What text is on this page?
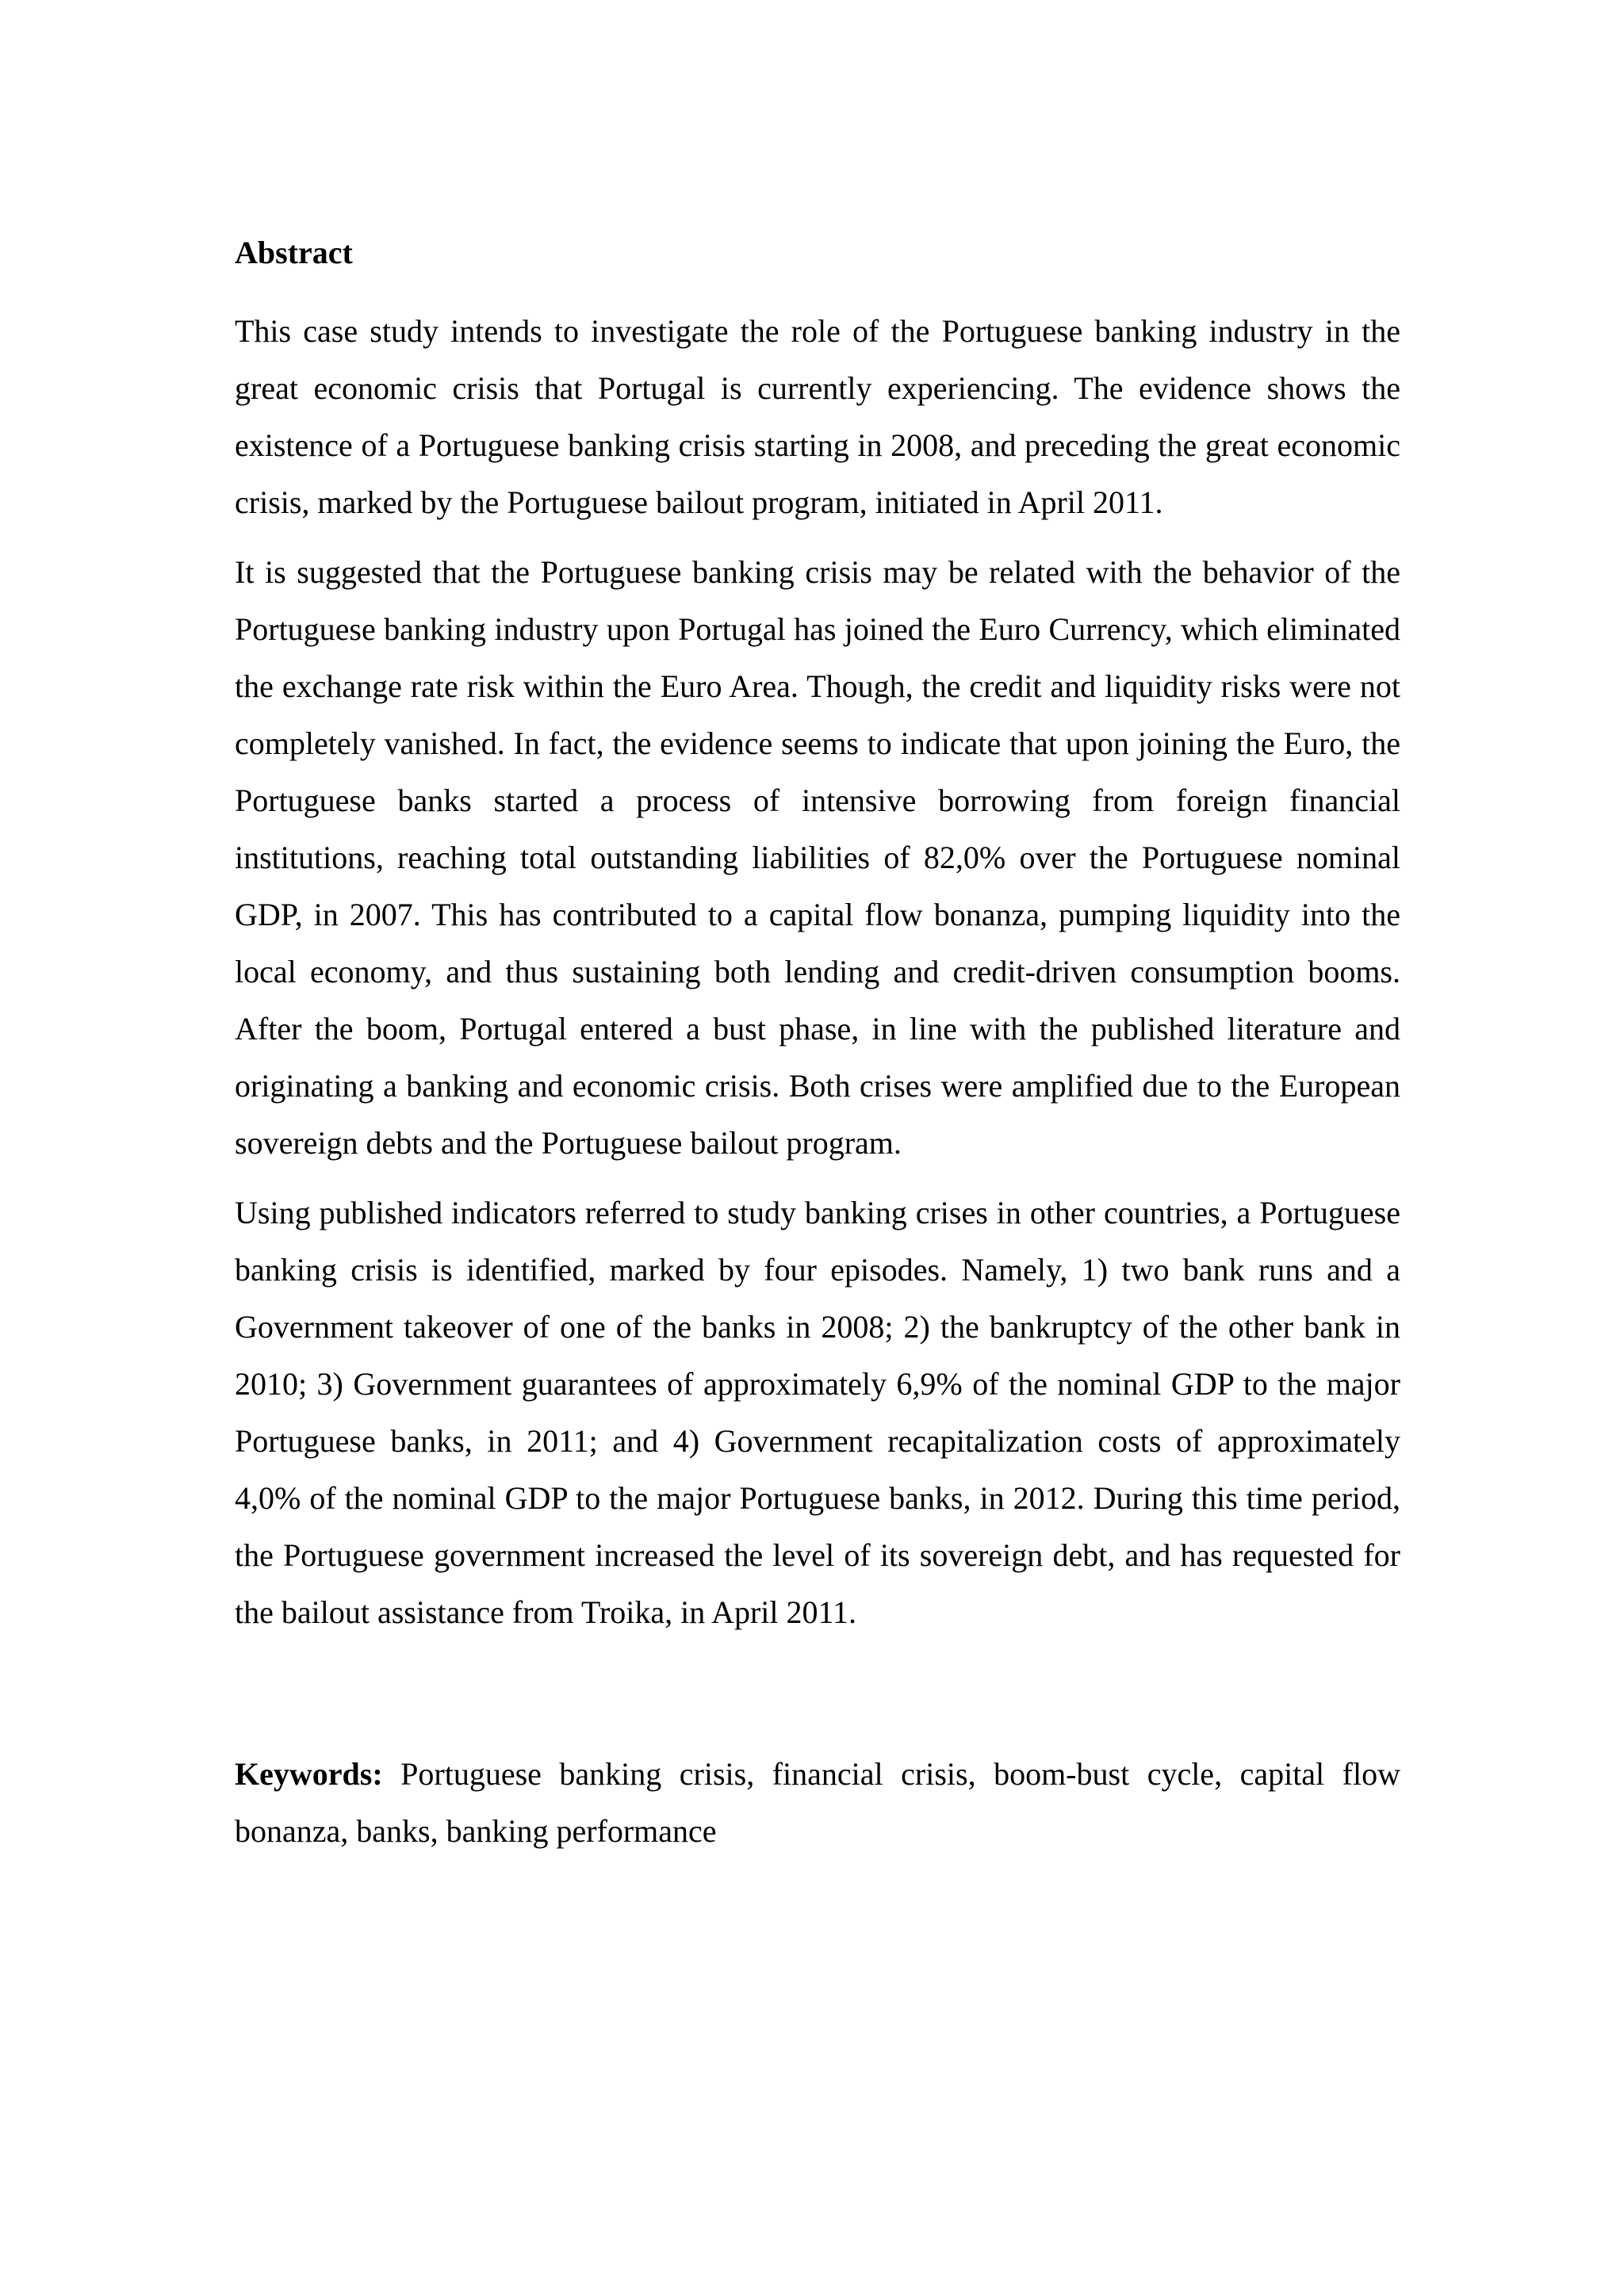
Abstract

This case study intends to investigate the role of the Portuguese banking industry in the great economic crisis that Portugal is currently experiencing. The evidence shows the existence of a Portuguese banking crisis starting in 2008, and preceding the great economic crisis, marked by the Portuguese bailout program, initiated in April 2011.

It is suggested that the Portuguese banking crisis may be related with the behavior of the Portuguese banking industry upon Portugal has joined the Euro Currency, which eliminated the exchange rate risk within the Euro Area. Though, the credit and liquidity risks were not completely vanished. In fact, the evidence seems to indicate that upon joining the Euro, the Portuguese banks started a process of intensive borrowing from foreign financial institutions, reaching total outstanding liabilities of 82,0% over the Portuguese nominal GDP, in 2007. This has contributed to a capital flow bonanza, pumping liquidity into the local economy, and thus sustaining both lending and credit-driven consumption booms. After the boom, Portugal entered a bust phase, in line with the published literature and originating a banking and economic crisis. Both crises were amplified due to the European sovereign debts and the Portuguese bailout program.

Using published indicators referred to study banking crises in other countries, a Portuguese banking crisis is identified, marked by four episodes. Namely, 1) two bank runs and a Government takeover of one of the banks in 2008; 2) the bankruptcy of the other bank in 2010; 3) Government guarantees of approximately 6,9% of the nominal GDP to the major Portuguese banks, in 2011; and 4) Government recapitalization costs of approximately 4,0% of the nominal GDP to the major Portuguese banks, in 2012. During this time period, the Portuguese government increased the level of its sovereign debt, and has requested for the bailout assistance from Troika, in April 2011.

Keywords: Portuguese banking crisis, financial crisis, boom-bust cycle, capital flow bonanza, banks, banking performance
